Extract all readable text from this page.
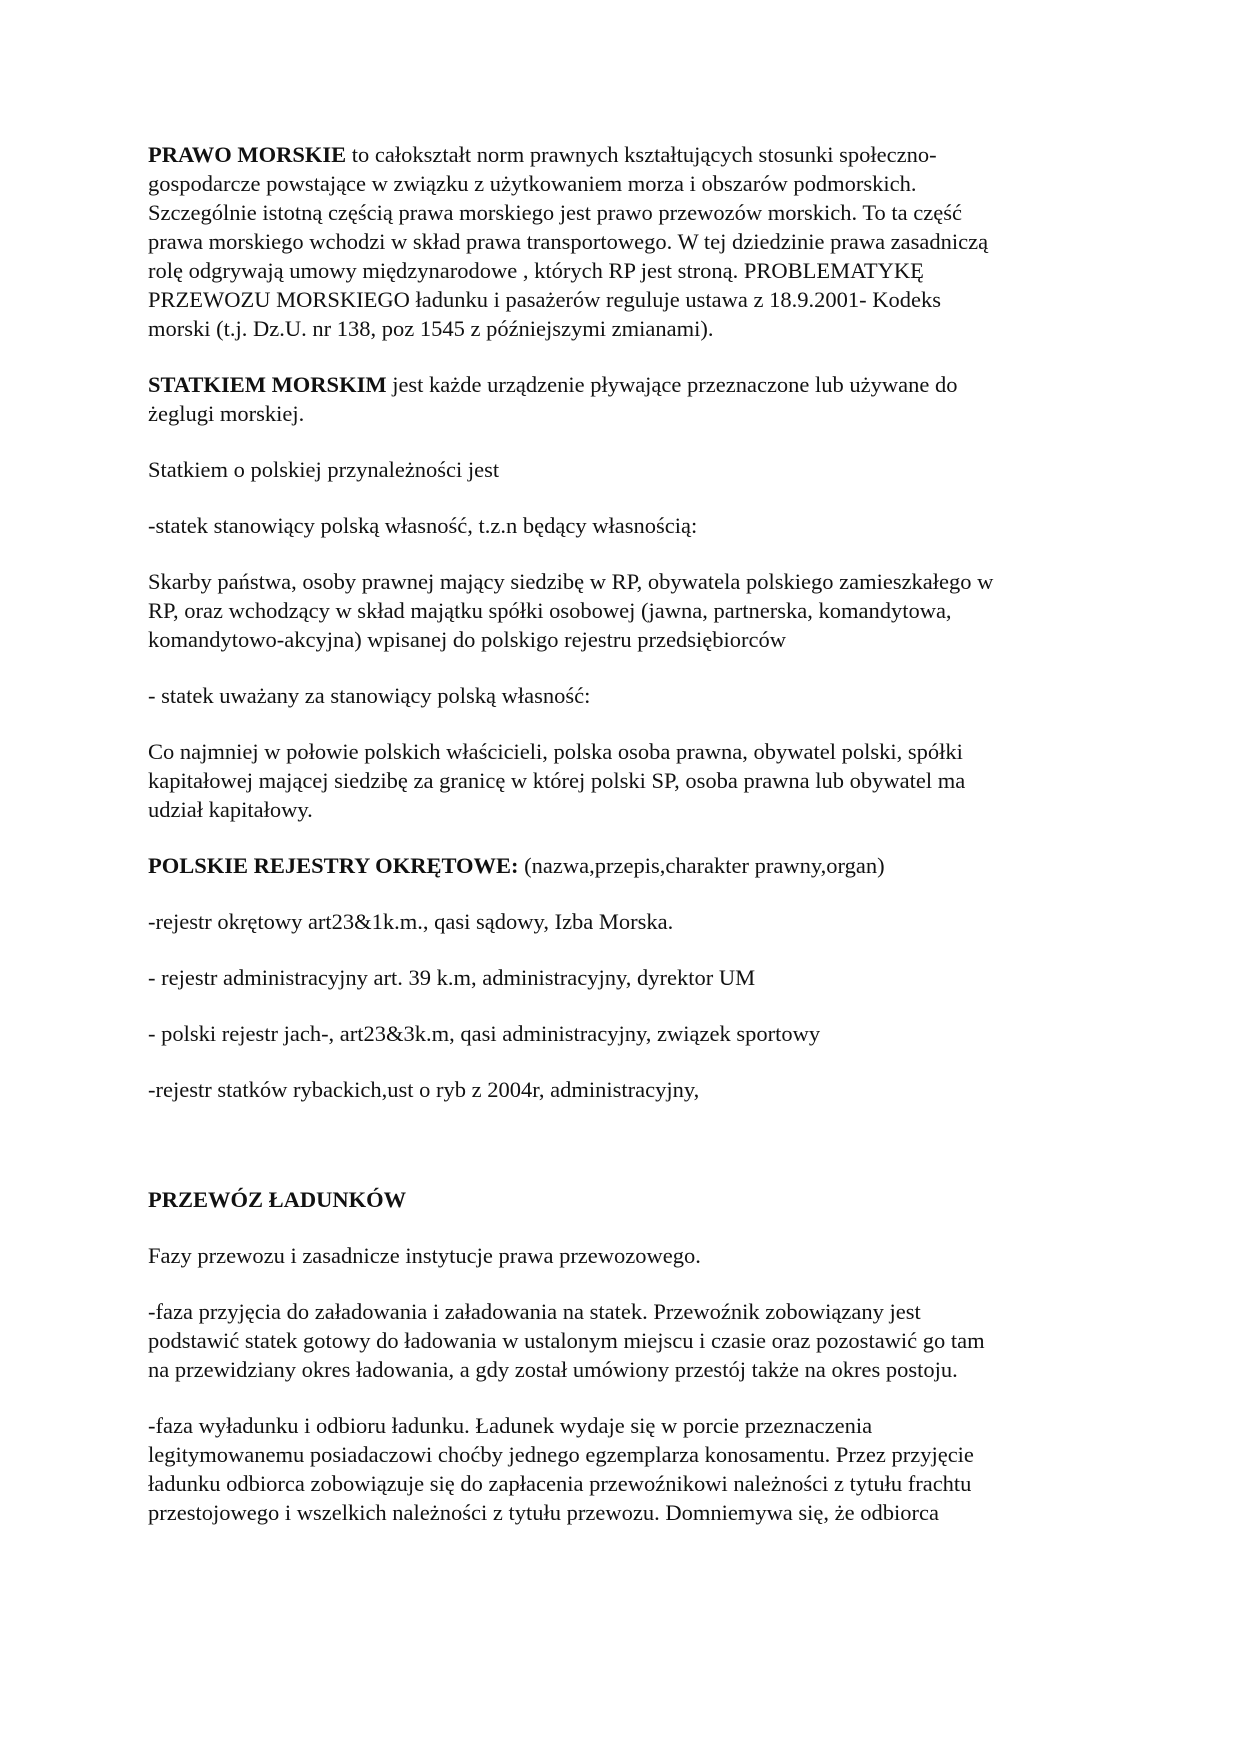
PRAWO MORSKIE to całokształt norm prawnych kształtujących stosunki społeczno-
gospodarcze powstające w związku z użytkowaniem morza i obszarów podmorskich.
Szczególnie istotną częścią prawa morskiego jest prawo przewozów morskich. To ta część
prawa morskiego wchodzi w skład prawa transportowego. W tej dziedzinie prawa zasadniczą
rolę odgrywają umowy międzynarodowe , których RP jest stroną. PROBLEMATYKĘ
PRZEWOZU MORSKIEGO ładunku i pasażerów reguluje ustawa z 18.9.2001- Kodeks
morski (t.j. Dz.U. nr 138, poz 1545 z późniejszymi zmianami).
STATKIEM MORSKIM jest każde urządzenie pływające przeznaczone lub używane do
żeglugi morskiej.
Statkiem o polskiej przynależności jest
-statek stanowiący polską własność, t.z.n będący własnością:
Skarby państwa, osoby prawnej mający siedzibę w RP, obywatela polskiego zamieszkałego w
RP, oraz wchodzący w skład majątku spółki osobowej (jawna, partnerska, komandytowa,
komandytowo-akcyjna) wpisanej do polskigo rejestru przedsiębiorców
- statek uważany za stanowiący polską własność:
Co najmniej w połowie polskich właścicieli, polska osoba prawna, obywatel polski, spółki
kapitałowej mającej siedzibę za granicę w której polski SP, osoba prawna lub obywatel ma
udział kapitałowy.
POLSKIE REJESTRY OKRĘTOWE: (nazwa,przepis,charakter prawny,organ)
-rejestr okrętowy art23&1k.m., qasi sądowy, Izba Morska.
- rejestr administracyjny art. 39 k.m, administracyjny, dyrektor UM
- polski rejestr jach-, art23&3k.m, qasi administracyjny, związek sportowy
-rejestr statków rybackich,ust o ryb z 2004r, administracyjny,
PRZEWÓZ ŁADUNKÓW
Fazy przewozu i zasadnicze instytucje prawa przewozowego.
-faza przyjęcia do załadowania i załadowania na statek. Przewoźnik zobowiązany jest
podstawić statek gotowy do ładowania w ustalonym miejscu i czasie oraz pozostawić go tam
na przewidziany okres ładowania, a gdy został umówiony przestój także na okres postoju.
-faza wyładunku i odbioru ładunku. Ładunek wydaje się w porcie przeznaczenia
legitymowanemu posiadaczowi choćby jednego egzemplarza konosamentu. Przez przyjęcie
ładunku odbiorca zobowiązuje się do zapłacenia przewoźnikowi należności z tytułu frachtu
przestojowego i wszelkich należności z tytułu przewozu. Domniemywa się, że odbiorca
